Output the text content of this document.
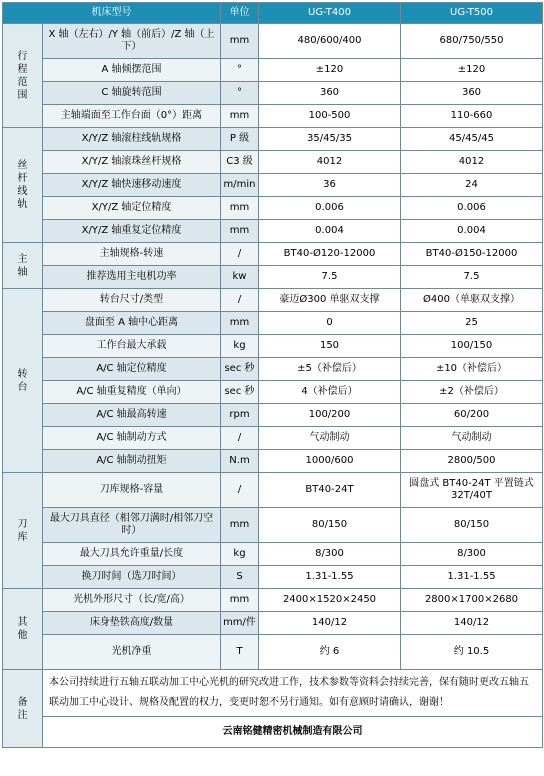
机床型号		单位	UG-T400	UG-T500
行程范围	X 轴（左右）/Y 轴（前后）/Z 轴（上下）	mm	480/600/400	680/750/550
	A 轴倾摆范围	°	±120	±120
	C 轴旋转范围	°	360	360
	主轴端面至工作台面（0°）距离	mm	100-500	110-660
丝杆线轨	X/Y/Z 轴滚柱线轨规格	P 级	35/45/35	45/45/45
	X/Y/Z 轴滚珠丝杆规格	C3 级	4012	4012
	X/Y/Z 轴快速移动速度	m/min	36	24
	X/Y/Z 轴定位精度	mm	0.006	0.006
	X/Y/Z 轴重复定位精度	mm	0.004	0.004
主轴	主轴规格-转速	/	BT40-Ø120-12000	BT40-Ø150-12000
	推荐选用主电机功率	kw	7.5	7.5
转台	转台尺寸/类型	/	豪迈Ø300 单驱双支撑	Ø400（单驱双支撑）
	盘面至 A 轴中心距离	mm	0	25
	工作台最大承载	kg	150	100/150
	A/C 轴定位精度	sec 秒	±5（补偿后）	±10（补偿后）
	A/C 轴重复精度（单向）	sec 秒	4（补偿后）	±2（补偿后）
	A/C 轴最高转速	rpm	100/200	60/200
	A/C 轴制动方式	/	气动制动	气动制动
	A/C 轴制动扭矩	N.m	1000/600	2800/500
刀库	刀库规格-容量	/	BT40-24T	圆盘式 BT40-24T 平置链式 32T/40T
	最大刀具直径（相邻刀满时/相邻刀空时）	mm	80/150	80/150
	最大刀具允许重量/长度	kg	8/300	8/300
	换刀时间（选刀时间）	S	1.31-1.55	1.31-1.55
其他	光机外形尺寸（长/宽/高）	mm	2400×1520×2450	2800×1700×2680
	床身垫铁高度/数量	mm/件	140/12	140/12
	光机净重	T	约 6	约 10.5
备注	本公司持续进行五轴五联动加工中心光机的研究改进工作，技术参数等资料会持续完善，保有随时更改五轴五联动加工中心设计、规格及配置的权力，变更时恕不另行通知。如有意顾时请确认，谢谢！			
	云南铭健精密机械制造有限公司			
